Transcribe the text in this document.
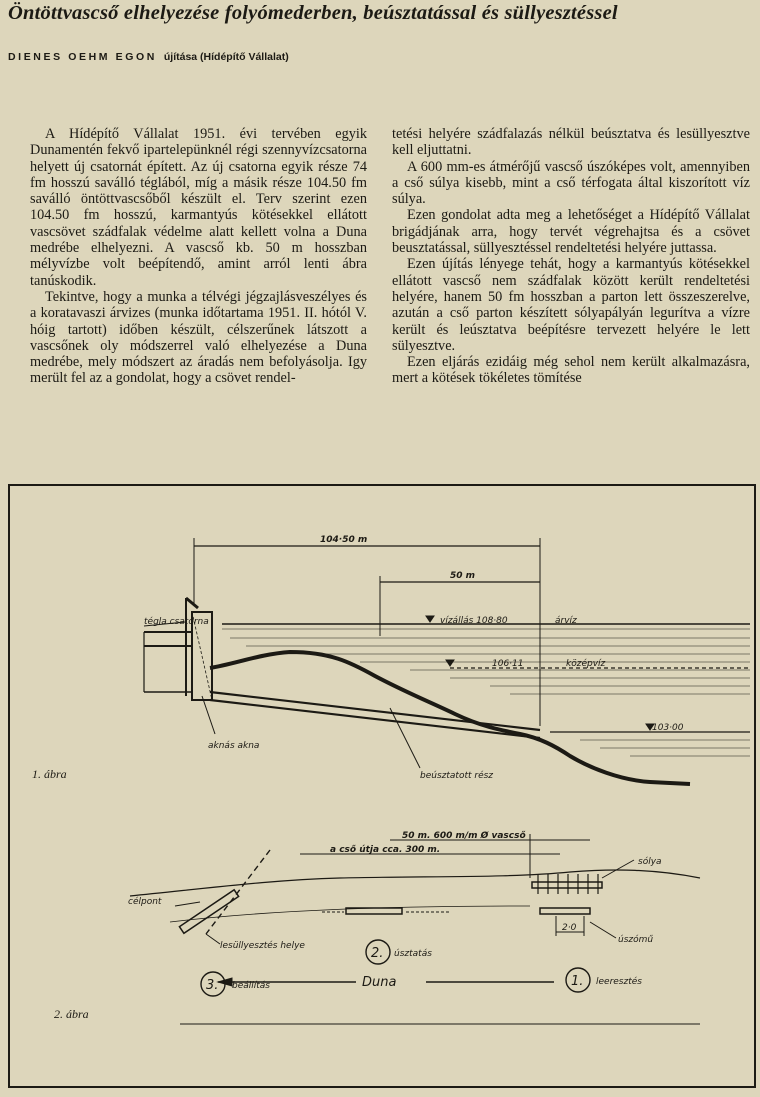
Öntöttvascső elhelyezése folyómederben, beúsztatással és süllyesztéssel
DIENES OEHM EGON újítása (Hídépítő Vállalat)

A Hídépítő Vállalat 1951. évi tervében egyik Dunamentén fekvő ipartelepünknél régi szennyvízcsatorna helyett új csatornát épített. Az új csatorna egyik része 74 fm hosszú saválló téglából, míg a másik része 104.50 fm saválló öntöttvascsőből készült el. Terv szerint ezen 104.50 fm hosszú, karmantyús kötésekkel ellátott vascsövet szádfalak védelme alatt kellett volna a Duna medrébe elhelyezni. A vascső kb. 50 m hosszban mélyvízbe volt beépítendő, amint arról lenti ábra tanúskodik.

Tekintve, hogy a munka a télvégi jégzajlásveszélyes és a koratavaszi árvizes (munka időtartama 1951. II. hótól V. hóig tartott) időben készült, célszerűnek látszott a vascsőnek oly módszerrel való elhelyezése a Duna medrébe, mely módszert az áradás nem befolyásolja. Igy merült fel az a gondolat, hogy a csövet rendel-

tetési helyére szádfalazás nélkül beúsztatva és lesüllyesztve kell eljuttatni.

A 600 mm-es átmérőjű vascső úszóképes volt, amennyiben a cső súlya kisebb, mint a cső térfogata által kiszorított víz súlya.

Ezen gondolat adta meg a lehetőséget a Hídépítő Vállalat brigádjának arra, hogy tervét végrehajtsa és a csövet beusztatással, süllyesztéssel rendeltetési helyére juttassa.

Ezen újítás lényege tehát, hogy a karmantyús kötésekkel ellátott vascső nem szádfalak között került rendeltetési helyére, hanem 50 fm hosszban a parton lett összeszerelve, azután a cső parton készített sólyapályán legurítva a vízre került és leúsztatva beépítésre tervezett helyére le lett sülyesztve.

Ezen eljárás ezidáig még sehol nem került alkalmazásra, mert a kötések tökéletes tömítése

104·50 m
50 m
vízállás 108·80	árvíz
106·11	középvíz
103·00
tégla csatorna
aknás akna
beúsztatott rész
1. ábra
50 m. 600 m/m Ø vascső
a cső útja cca. 300 m.
sólya
célpont
lesüllyesztés helye
úszómű
2·0
3. beállítás
2. úsztatás
1. leeresztés
Duna
2. ábra
